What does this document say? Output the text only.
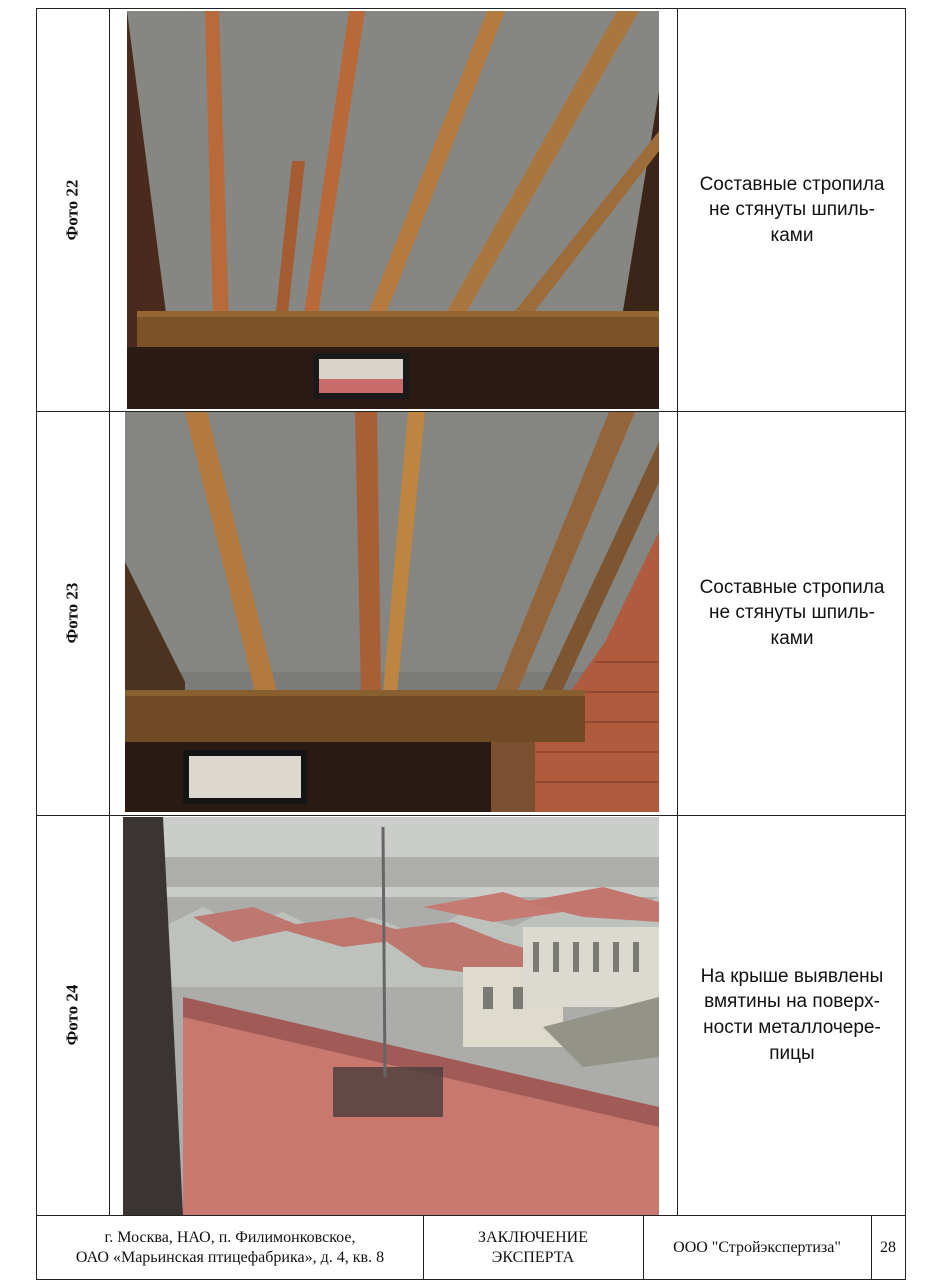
Фото 22	Составные стропила
не стянуты шпиль-
ками
Фото 23	Составные стропила
не стянуты шпиль-
ками
Фото 24
На крыше выявлены
вмятины на поверх-
ности металлочере-
пицы
г. Москва, НАО, п. Филимонковское,
ОАО «Марьинская птицефабрика», д. 4, кв. 8
ЗАКЛЮЧЕНИЕ
ЭКСПЕРТА
ООО "Стройэкспертиза" 28
